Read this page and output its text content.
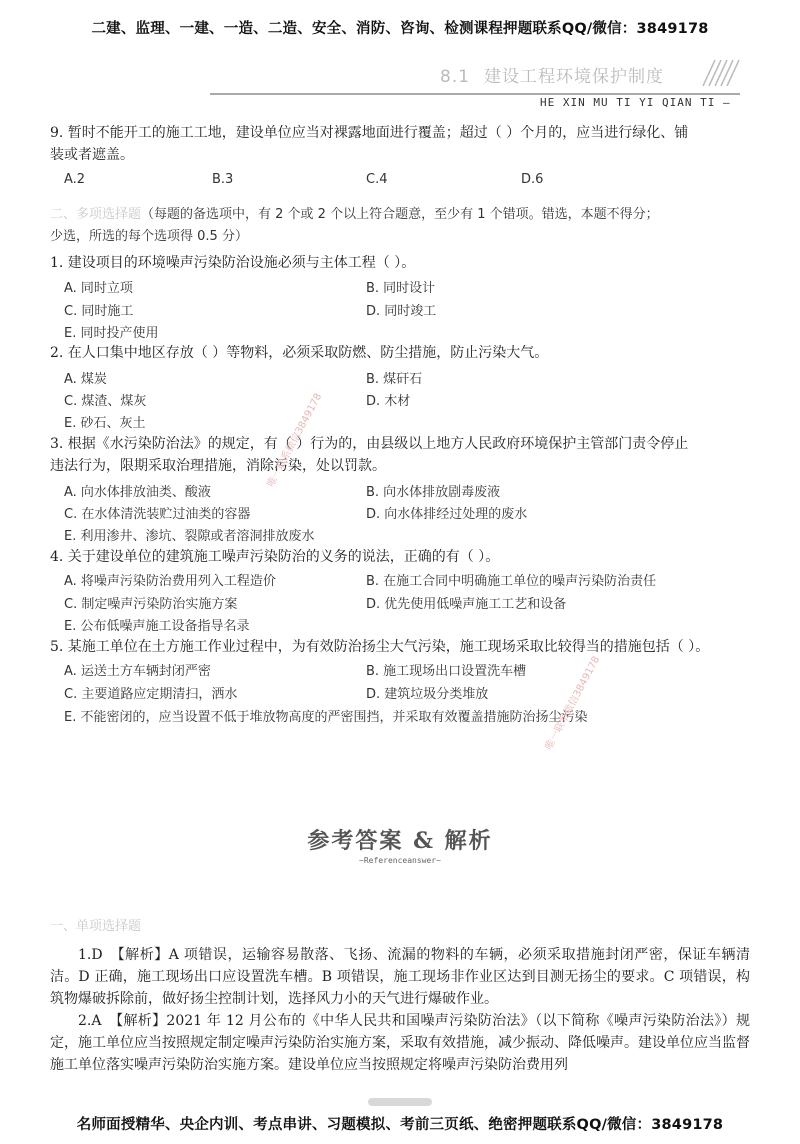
二建、监理、一建、一造、二造、安全、消防、咨询、检测课程押题联系QQ/微信：3849178
8.1 建设工程环境保护制度
HE XIN MU TI YI QIAN TI —
9. 暂时不能开工的施工工地，建设单位应当对裸露地面进行覆盖；超过（ ）个月的，应当进行绿化、铺
装或者遮盖。
A.2	B.3	C.4	D.6
二、多项选择题（每题的备选项中，有 2 个或 2 个以上符合题意，至少有 1 个错项。错选，本题不得分；
少选，所选的每个选项得 0.5 分）
1. 建设项目的环境噪声污染防治设施必须与主体工程（ ）。
A. 同时立项	B. 同时设计
C. 同时施工	D. 同时竣工
E. 同时投产使用
2. 在人口集中地区存放（ ）等物料，必须采取防燃、防尘措施，防止污染大气。
A. 煤炭	B. 煤矸石
C. 煤渣、煤灰	D. 木材
E. 砂石、灰土
3. 根据《水污染防治法》的规定，有（ ）行为的，由县级以上地方人民政府环境保护主管部门责令停止
违法行为，限期采取治理措施，消除污染，处以罚款。
A. 向水体排放油类、酸液	B. 向水体排放剧毒废液
C. 在水体清洗装贮过油类的容器	D. 向水体排经过处理的废水
E. 利用渗井、渗坑、裂隙或者溶洞排放废水
4. 关于建设单位的建筑施工噪声污染防治的义务的说法，正确的有（ ）。
A. 将噪声污染防治费用列入工程造价	B. 在施工合同中明确施工单位的噪声污染防治责任
C. 制定噪声污染防治实施方案	D. 优先使用低噪声施工工艺和设备
E. 公布低噪声施工设备指导名录
5. 某施工单位在土方施工作业过程中，为有效防治扬尘大气污染，施工现场采取比较得当的措施包括（ ）。
A. 运送土方车辆封闭严密	B. 施工现场出口设置洗车槽
C. 主要道路应定期清扫，洒水	D. 建筑垃圾分类堆放
E. 不能密闭的，应当设置不低于堆放物高度的严密围挡，并采取有效覆盖措施防治扬尘污染
唯一联系微信3849178
唯一联系微信3849178
参考答案 & 解析
~Referenceanswer~
一、单项选择题
1.D　【解析】A 项错误，运输容易散落、飞扬、流漏的物料的车辆，必须采取措施封闭严密，保证车辆清洁。D 正确，施工现场出口应设置洗车槽。B 项错误，施工现场非作业区达到目测无扬尘的要求。C 项错误，构筑物爆破拆除前，做好扬尘控制计划，选择风力小的天气进行爆破作业。
2.A　【解析】2021 年 12 月公布的《中华人民共和国噪声污染防治法》（以下简称《噪声污染防治法》）规定，施工单位应当按照规定制定噪声污染防治实施方案，采取有效措施，减少振动、降低噪声。建设单位应当监督施工单位落实噪声污染防治实施方案。建设单位应当按照规定将噪声污染防治费用列
名师面授精华、央企内训、考点串讲、习题模拟、考前三页纸、绝密押题联系QQ/微信：3849178
